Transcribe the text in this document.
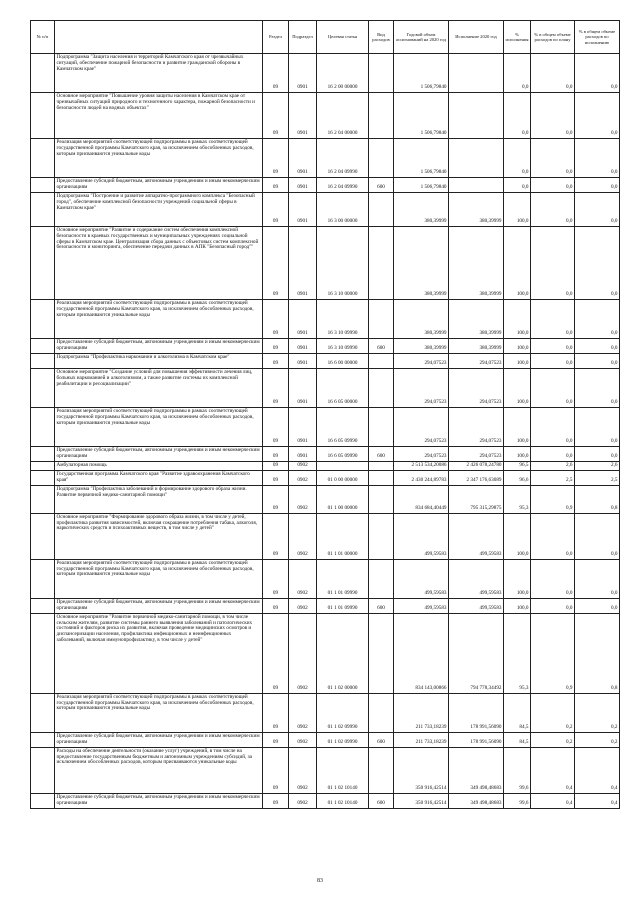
№ п/п		Раздел	Подраздел	Целевая статья	Вид расходов	Годовой объем ассигнований на 2020 год	Исполнение 2020 год	% исполнения	% в общем объеме расходов по плану	% в общем объеме расходов по исполнению
	Подпрограмма "Защита населения и территорий Камчатского края от чрезвычайных ситуаций, обеспечение пожарной безопасности и развитие гражданской обороны в Камчатском крае"	09	0901	16 2 00 00000		1 506,79840		0,0	0,0	0,0
	Основное мероприятие "Повышение уровня защиты населения в Камчатском крае от чрезвычайных ситуаций природного и техногенного характера, пожарной безопасности и безопасности людей на водных объектах"	09	0901	16 2 04 00000		1 506,79840		0,0	0,0	0,0
	Реализация мероприятий соответствующей подпрограммы в рамках соответствующей государственной программы Камчатского края, за исключением обособленных расходов, которым присваиваются уникальные коды	09	0901	16 2 04 09990		1 506,79840		0,0	0,0	0,0
	Предоставление субсидий бюджетным, автономным учреждениям и иным некоммерческим организациям	09	0901	16 2 04 09990	600	1 506,79840		0,0	0,0	0,0
	Подпрограмма "Построение и развитие аппаратно-программного комплекса "Безопасный город", обеспечение комплексной безопасности учреждений социальной сферы в Камчатском крае"	09	0901	16 3 00 00000		380,39999	380,39999	100,0	0,0	0,0
	Основное мероприятие "Развитие и содержание систем обеспечения комплексной безопасности в краевых государственных и муниципальных учреждениях социальной сферы в Камчатском крае. Централизация сбора данных с объектовых систем комплексной безопасности и мониторинга, обеспечение передачи данных в АПК "Безопасный город""	09	0901	16 3 10 00000		380,39999	380,39999	100,0	0,0	0,0
	Реализация мероприятий соответствующей подпрограммы в рамках соответствующей государственной программы Камчатского края, за исключением обособленных расходов, которым присваиваются уникальные коды	09	0901	16 3 10 09990		380,39999	380,39999	100,0	0,0	0,0
	Предоставление субсидий бюджетным, автономным учреждениям и иным некоммерческим организациям	09	0901	16 3 10 09990	600	380,39999	380,39999	100,0	0,0	0,0
	Подпрограмма "Профилактика наркомании и алкоголизма в Камчатском крае"	09	0901	16 6 00 00000		294,07523	294,07523	100,0	0,0	0,0
	Основное мероприятие "Создание условий для повышения эффективности лечения лиц, больных наркоманией и алкоголизмом, а также развитие системы их комплексной реабилитации и ресоциализации"	09	0901	16 6 05 00000		294,07523	294,07523	100,0	0,0	0,0
	Реализация мероприятий соответствующей подпрограммы в рамках соответствующей государственной программы Камчатского края, за исключением обособленных расходов, которым присваиваются уникальные коды	09	0901	16 6 05 09990		294,07523	294,07523	100,0	0,0	0,0
	Предоставление субсидий бюджетным, автономным учреждениям и иным некоммерческим организациям	09	0901	16 6 05 09990	600	294,07523	294,07523	100,0	0,0	0,0
	Амбулаторная помощь	09	0902			2 513 534,20086	2 426 078,24780	96,5	2,6	2,6
	Государственная программа Камчатского края "Развитие здравоохранения Камчатского края"	09	0902	01 0 00 00000		2 430 244,89783	2 347 176,63089	96,6	2,5	2,5
	Подпрограмма "Профилактика заболеваний и формирование здорового образа жизни. Развитие первичной медико-санитарной помощи"	09	0902	01 1 00 00000		834 684,40449	795 315,29875	95,3	0,9	0,8
	Основное мероприятие "Формирование здорового образа жизни, в том числе у детей, профилактика развития зависимостей, включая сокращение потребления табака, алкоголя, наркотических средств и психоактивных веществ, в том числе у детей"	09	0902	01 1 01 00000		499,59583	499,59583	100,0	0,0	0,0
	Реализация мероприятий соответствующей подпрограммы в рамках соответствующей государственной программы Камчатского края, за исключением обособленных расходов, которым присваиваются уникальные коды	09	0902	01 1 01 09990		499,59583	499,59583	100,0	0,0	0,0
	Предоставление субсидий бюджетным, автономным учреждениям и иным некоммерческим организациям	09	0902	01 1 01 09990	600	499,59583	499,59583	100,0	0,0	0,0
	Основное мероприятие "Развитие первичной медико-санитарной помощи, в том числе сельским жителям, развитие системы раннего выявления заболеваний и патологических состояний и факторов риска их развития, включая проведение медицинских осмотров и диспансеризации населения, профилактика инфекционных и неинфекционных заболеваний, включая иммунопрофилактику, в том числе у детей"	09	0902	01 1 02 00000		834 143,00866	794 778,34492	95,3	0,9	0,8
	Реализация мероприятий соответствующей подпрограммы в рамках соответствующей государственной программы Камчатского края, за исключением обособленных расходов, которым присваиваются уникальные коды	09	0902	01 1 02 09990		211 733,18239	178 991,56090	84,5	0,2	0,2
	Предоставление субсидий бюджетным, автономным учреждениям и иным некоммерческим организациям	09	0902	01 1 02 09990	600	211 733,18239	178 991,56090	84,5	0,2	0,2
	Расходы на обеспечение деятельности (оказание услуг) учреждений, в том числе на предоставление государственным бюджетным и автономным учреждениям субсидий, за исключением обособленных расходов, которым присваиваются уникальные коды	09	0902	01 1 02 10140		350 916,42514	349 498,48683	99,6	0,4	0,4
	Предоставление субсидий бюджетным, автономным учреждениям и иным некоммерческим организациям	09	0902	01 1 02 10140	600	350 916,42514	349 498,48683	99,6	0,4	0,4
83
